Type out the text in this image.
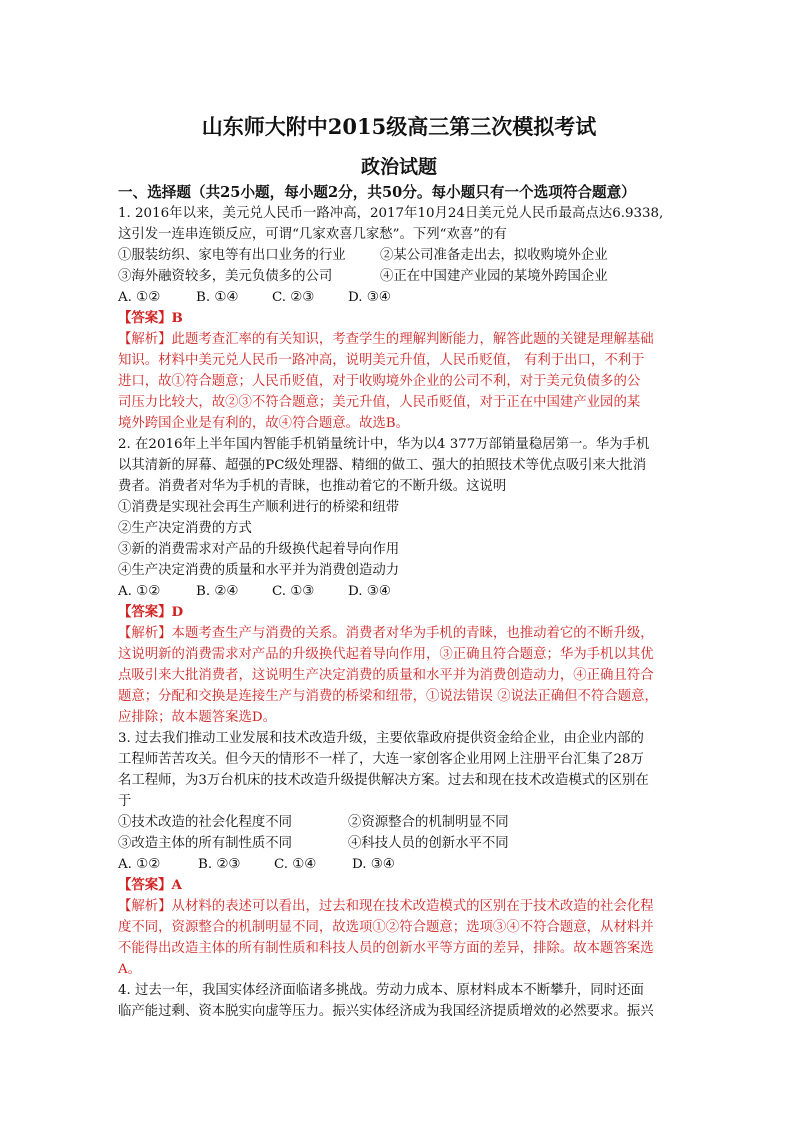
山东师大附中2015级高三第三次模拟考试
政治试题
一、选择题（共25小题，每小题2分，共50分。每小题只有一个选项符合题意）
1. 2016年以来，美元兑人民币一路冲高，2017年10月24日美元兑人民币最高点达6.9338,
这引发一连串连锁反应，可谓“几家欢喜几家愁”。下列“欢喜”的有
①服装纺织、家电等有出口业务的行业	②某公司准备走出去，拟收购境外企业
③海外融资较多，美元负债多的公司	④正在中国建产业园的某境外跨国企业
A. ①②	B. ①④	C. ②③	D. ③④
【答案】B
【解析】此题考查汇率的有关知识，考查学生的理解判断能力，解答此题的关键是理解基础
知识。材料中美元兑人民币一路冲高，说明美元升值，人民币贬值， 有利于出口，不利于
进口，故①符合题意；人民币贬值，对于收购境外企业的公司不利，对于美元负债多的公
司压力比较大，故②③不符合题意；美元升值，人民币贬值，对于正在中国建产业园的某
境外跨国企业是有利的，故④符合题意。故选B。
2. 在2016年上半年国内智能手机销量统计中，华为以4 377万部销量稳居第一。华为手机
以其清新的屏幕、超强的PC级处理器、精细的做工、强大的拍照技术等优点吸引来大批消
费者。消费者对华为手机的青睐，也推动着它的不断升级。这说明
①消费是实现社会再生产顺利进行的桥梁和纽带
②生产决定消费的方式
③新的消费需求对产品的升级换代起着导向作用
④生产决定消费的质量和水平并为消费创造动力
A. ①②	B. ②④	C. ①③	D. ③④
【答案】D
【解析】本题考查生产与消费的关系。消费者对华为手机的青睐，也推动着它的不断升级，
这说明新的消费需求对产品的升级换代起着导向作用，③正确且符合题意；华为手机以其优
点吸引来大批消费者，这说明生产决定消费的质量和水平并为消费创造动力，④正确且符合
题意；分配和交换是连接生产与消费的桥梁和纽带，①说法错误 ②说法正确但不符合题意，
应排除；故本题答案选D。
3. 过去我们推动工业发展和技术改造升级，主要依靠政府提供资金给企业，由企业内部的
工程师苦苦攻关。但今天的情形不一样了，大连一家创客企业用网上注册平台汇集了28万
名工程师，为3万台机床的技术改造升级提供解决方案。过去和现在技术改造模式的区别在
于
①技术改造的社会化程度不同	②资源整合的机制明显不同
③改造主体的所有制性质不同	④科技人员的创新水平不同
A. ①②	B. ②③	C. ①④	D. ③④
【答案】A
【解析】从材料的表述可以看出，过去和现在技术改造模式的区别在于技术改造的社会化程
度不同，资源整合的机制明显不同，故选项①②符合题意；选项③④不符合题意，从材料并
不能得出改造主体的所有制性质和科技人员的创新水平等方面的差异，排除。故本题答案选
A。
4. 过去一年，我国实体经济面临诸多挑战。劳动力成本、原材料成本不断攀升，同时还面
临产能过剩、资本脱实向虚等压力。振兴实体经济成为我国经济提质增效的必然要求。振兴
